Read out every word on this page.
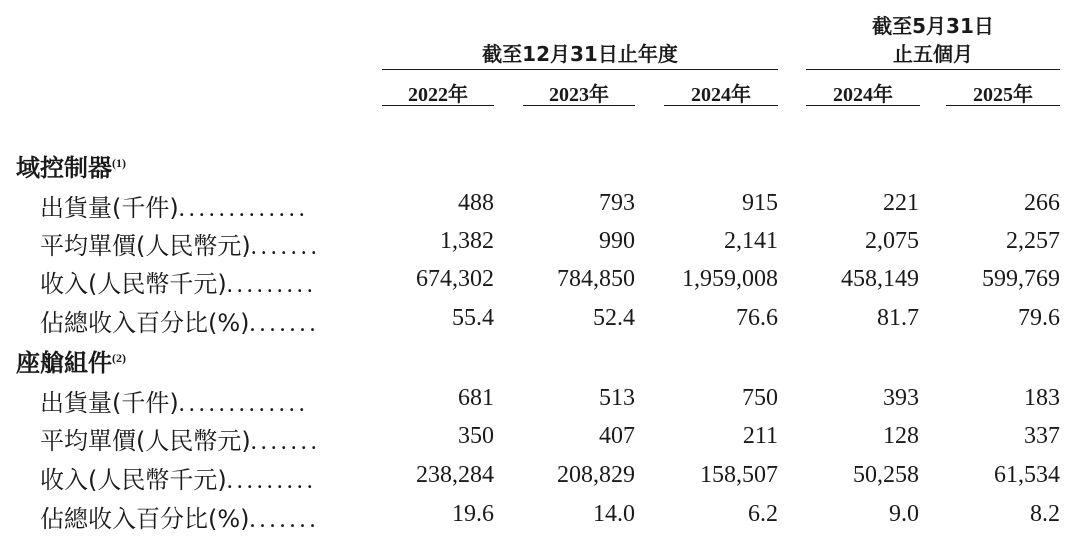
截至12月31日止年度
截至5月31日
止五個月
2022年	2023年	2024年	2024年	2025年
域控制器$^{(1)}$
出貨量(千件).............	488	793	915	221	266
平均單價(人民幣元).......	1,382	990	2,141	2,075	2,257
收入(人民幣千元).........	674,302	784,850	1,959,008	458,149	599,769
佔總收入百分比(%).......	55.4	52.4	76.6	81.7	79.6
座艙組件$^{(2)}$
出貨量(千件).............	681	513	750	393	183
平均單價(人民幣元).......	350	407	211	128	337
收入(人民幣千元).........	238,284	208,829	158,507	50,258	61,534
佔總收入百分比(%).......	19.6	14.0	6.2	9.0	8.2
